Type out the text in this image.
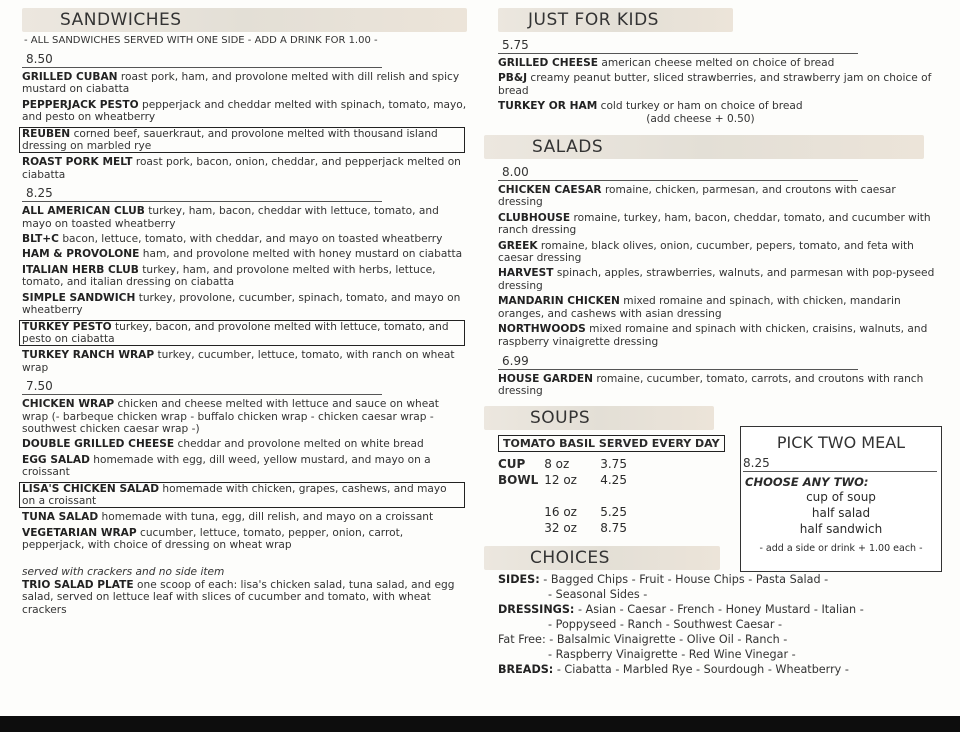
SANDWICHES
- ALL SANDWICHES SERVED WITH ONE SIDE - ADD A DRINK FOR 1.00 -
8.50
GRILLED CUBAN roast pork, ham, and provolone melted with dill relish and spicy mustard on ciabatta
PEPPERJACK PESTO pepperjack and cheddar melted with spinach, tomato, mayo, and pesto on wheatberry
REUBEN corned beef, sauerkraut, and provolone melted with thousand island dressing on marbled rye
ROAST PORK MELT roast pork, bacon, onion, cheddar, and pepperjack melted on ciabatta
8.25
ALL AMERICAN CLUB turkey, ham, bacon, cheddar with lettuce, tomato, and mayo on toasted wheatberry
BLT+C bacon, lettuce, tomato, with cheddar, and mayo on toasted wheatberry
HAM & PROVOLONE ham, and provolone melted with honey mustard on ciabatta
ITALIAN HERB CLUB turkey, ham, and provolone melted with herbs, lettuce, tomato, and italian dressing on ciabatta
SIMPLE SANDWICH turkey, provolone, cucumber, spinach, tomato, and mayo on wheatberry
TURKEY PESTO turkey, bacon, and provolone melted with lettuce, tomato, and pesto on ciabatta
TURKEY RANCH WRAP turkey, cucumber, lettuce, tomato, with ranch on wheat wrap
7.50
CHICKEN WRAP chicken and cheese melted with lettuce and sauce on wheat wrap (- barbeque chicken wrap - buffalo chicken wrap - chicken caesar wrap - southwest chicken caesar wrap -)
DOUBLE GRILLED CHEESE cheddar and provolone melted on white bread
EGG SALAD homemade with egg, dill weed, yellow mustard, and mayo on a croissant
LISA'S CHICKEN SALAD homemade with chicken, grapes, cashews, and mayo on a croissant
TUNA SALAD homemade with tuna, egg, dill relish, and mayo on a croissant
VEGETARIAN WRAP cucumber, lettuce, tomato, pepper, onion, carrot, pepperjack, with choice of dressing on wheat wrap
served with crackers and no side item
TRIO SALAD PLATE one scoop of each: lisa's chicken salad, tuna salad, and egg salad, served on lettuce leaf with slices of cucumber and tomato, with wheat crackers
JUST FOR KIDS
5.75
GRILLED CHEESE american cheese melted on choice of bread
PB&J creamy peanut butter, sliced strawberries, and strawberry jam on choice of bread
TURKEY OR HAM cold turkey or ham on choice of bread
(add cheese + 0.50)
SALADS
8.00
CHICKEN CAESAR romaine, chicken, parmesan, and croutons with caesar dressing
CLUBHOUSE romaine, turkey, ham, bacon, cheddar, tomato, and cucumber with ranch dressing
GREEK romaine, black olives, onion, cucumber, pepers, tomato, and feta with caesar dressing
HARVEST spinach, apples, strawberries, walnuts, and parmesan with pop-pyseed dressing
MANDARIN CHICKEN mixed romaine and spinach, with chicken, mandarin oranges, and cashews with asian dressing
NORTHWOODS mixed romaine and spinach with chicken, craisins, walnuts, and raspberry vinaigrette dressing
6.99
HOUSE GARDEN romaine, cucumber, tomato, carrots, and croutons with ranch dressing
SOUPS
TOMATO BASIL SERVED EVERY DAY
CUP	8 oz	3.75
BOWL	12 oz	4.25
	16 oz	5.25
	32 oz	8.75
CHOICES
SIDES: - Bagged Chips - Fruit - House Chips - Pasta Salad -
- Seasonal Sides -
DRESSINGS: - Asian - Caesar - French - Honey Mustard - Italian -
- Poppyseed - Ranch - Southwest Caesar -
Fat Free: - Balsalmic Vinaigrette - Olive Oil - Ranch -
- Raspberry Vinaigrette - Red Wine Vinegar -
BREADS: - Ciabatta - Marbled Rye - Sourdough - Wheatberry -
PICK TWO MEAL
8.25
CHOOSE ANY TWO:
cup of soup
half salad
half sandwich
- add a side or drink + 1.00 each -
